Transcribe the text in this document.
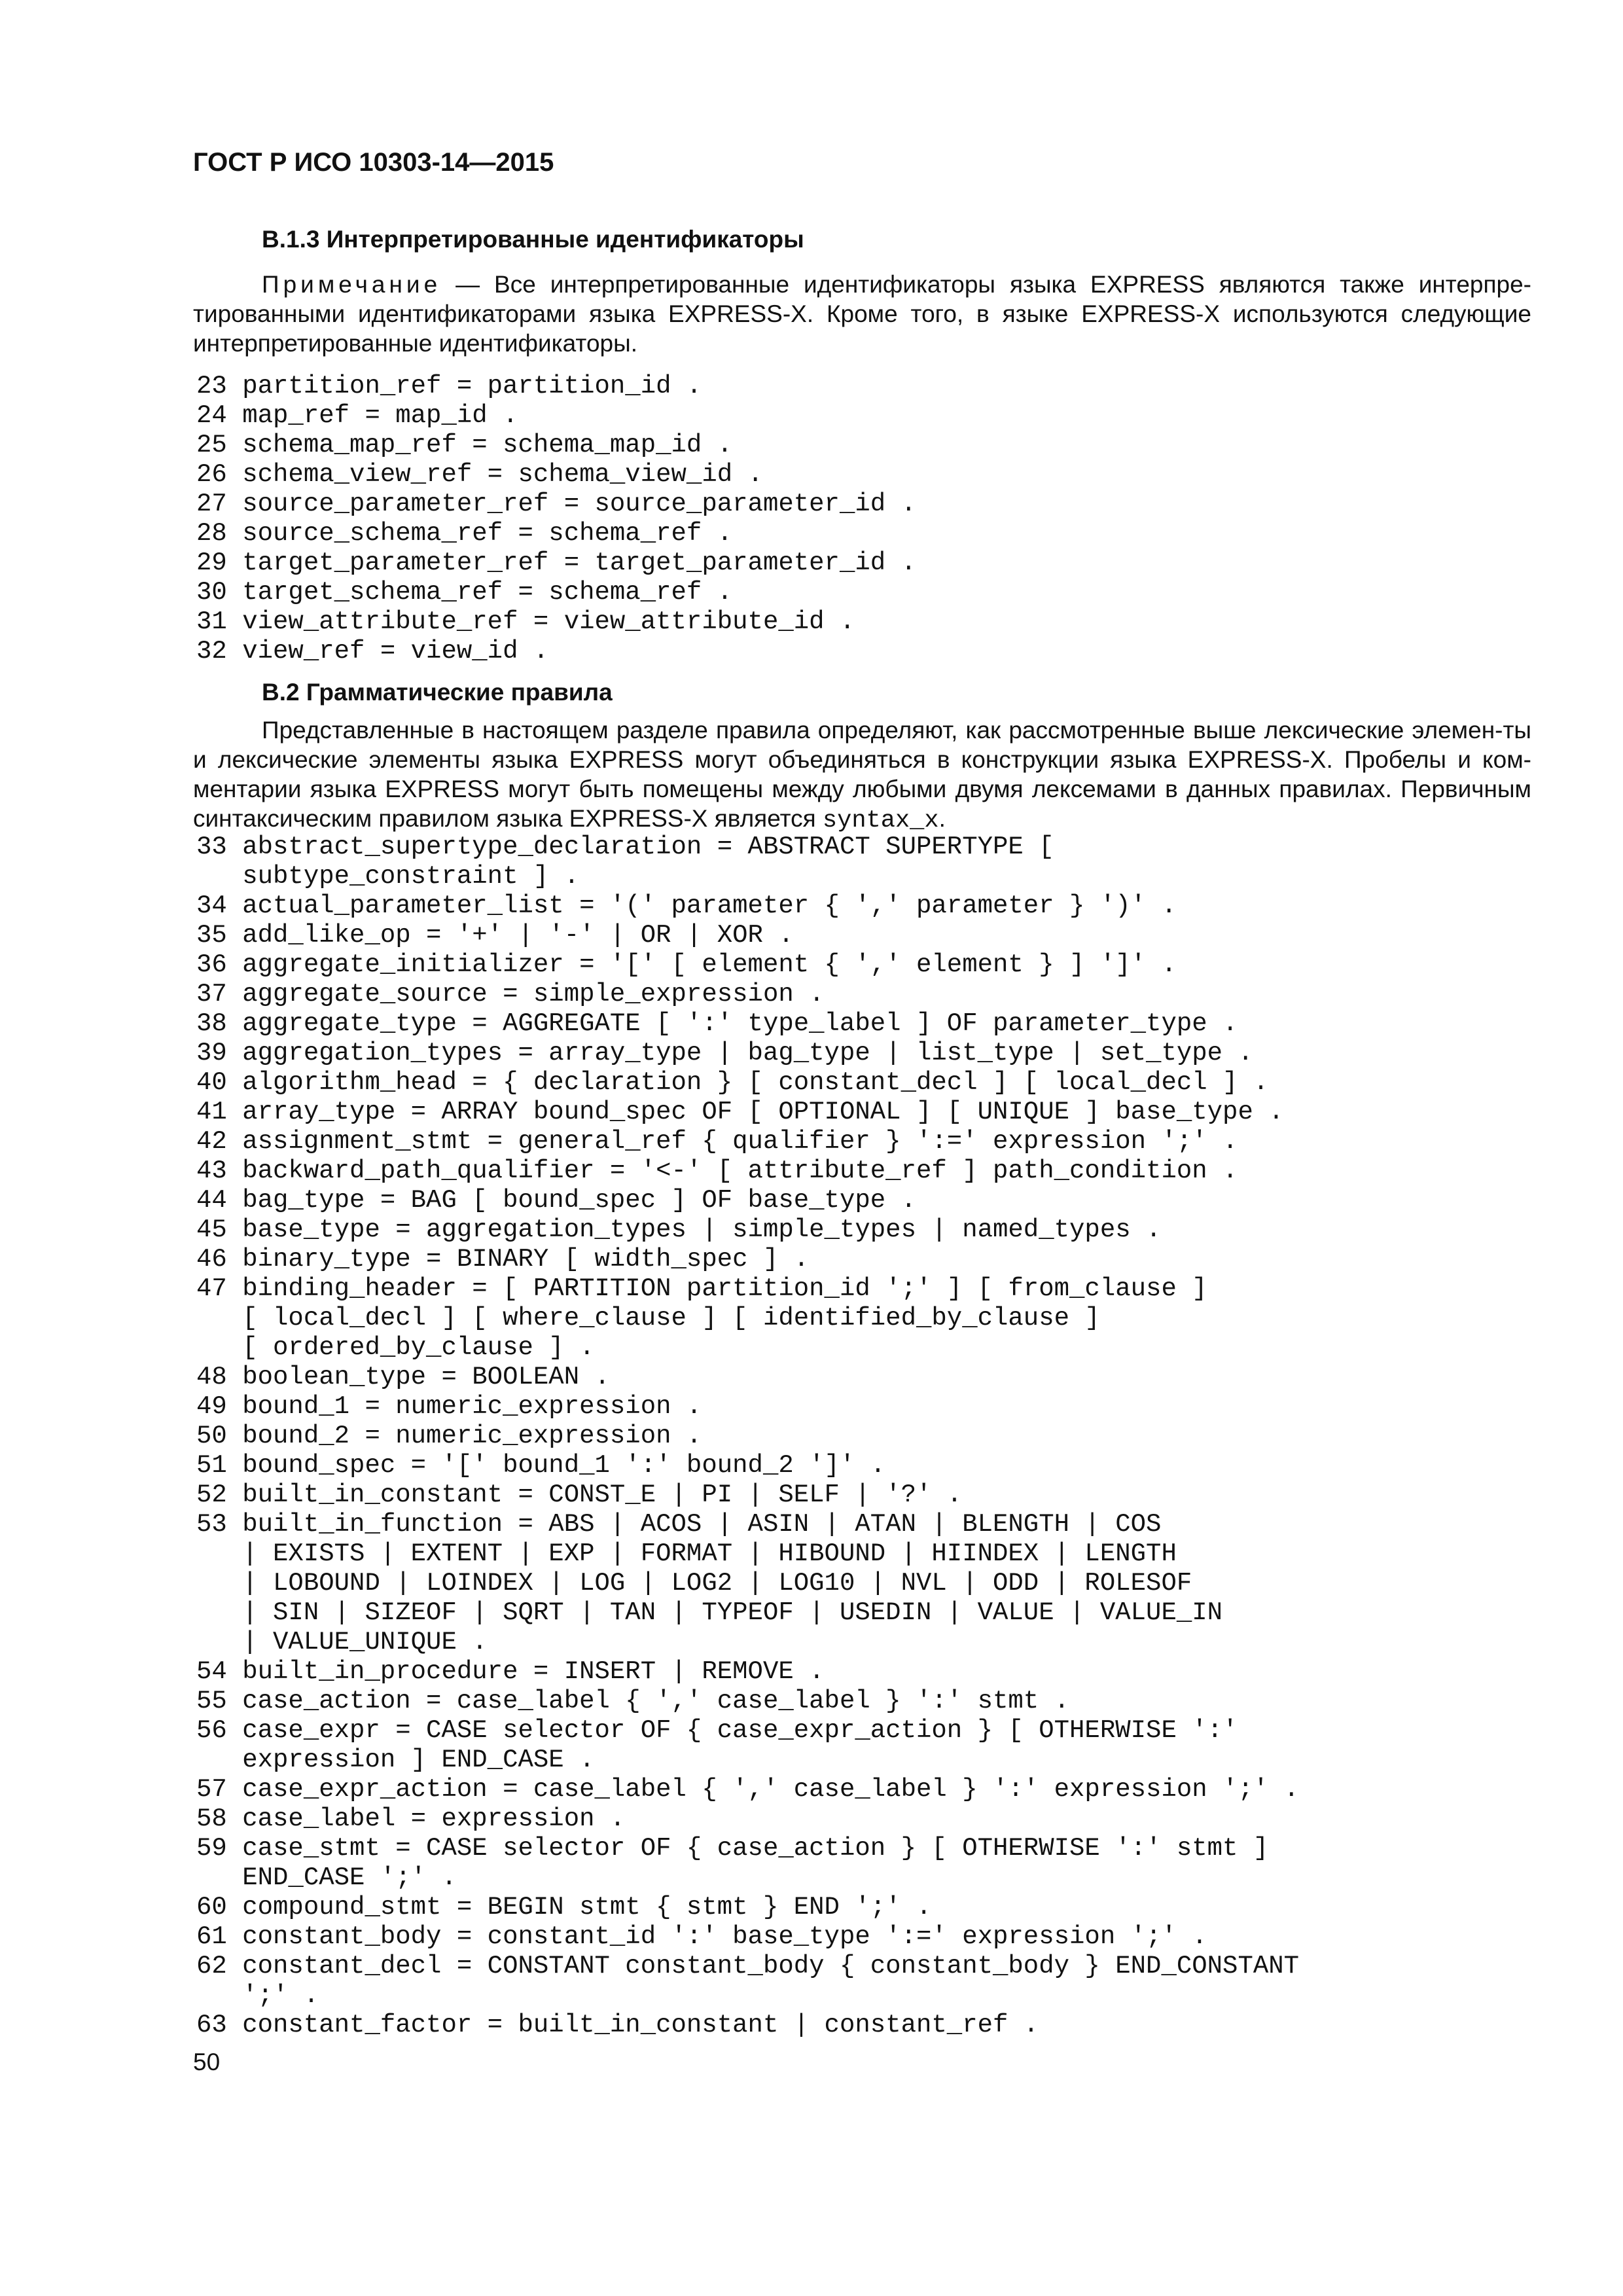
ГОСТ Р ИСО 10303-14—2015
В.1.3 Интерпретированные идентификаторы
Примечание — Все интерпретированные идентификаторы языка EXPRESS являются также интерпре-тированными идентификаторами языка EXPRESS-X. Кроме того, в языке EXPRESS-X используются следующие интерпретированные идентификаторы.
23 partition_ref = partition_id .
24 map_ref = map_id .
25 schema_map_ref = schema_map_id .
26 schema_view_ref = schema_view_id .
27 source_parameter_ref = source_parameter_id .
28 source_schema_ref = schema_ref .
29 target_parameter_ref = target_parameter_id .
30 target_schema_ref = schema_ref .
31 view_attribute_ref = view_attribute_id .
32 view_ref = view_id .
В.2 Грамматические правила
Представленные в настоящем разделе правила определяют, как рассмотренные выше лексические элемен-ты и лексические элементы языка EXPRESS могут объединяться в конструкции языка EXPRESS-X. Пробелы и ком-ментарии языка EXPRESS могут быть помещены между любыми двумя лексемами в данных правилах. Первичным синтаксическим правилом языка EXPRESS-X является syntax_x.
33 abstract_supertype_declaration = ABSTRACT SUPERTYPE [
subtype_constraint ] .
34 actual_parameter_list = '(' parameter { ',' parameter } ')' .
35 add_like_op = '+' | '-' | OR | XOR .
36 aggregate_initializer = '[' [ element { ',' element } ] ']' .
37 aggregate_source = simple_expression .
38 aggregate_type = AGGREGATE [ ':' type_label ] OF parameter_type .
39 aggregation_types = array_type | bag_type | list_type | set_type .
40 algorithm_head = { declaration } [ constant_decl ] [ local_decl ] .
41 array_type = ARRAY bound_spec OF [ OPTIONAL ] [ UNIQUE ] base_type .
42 assignment_stmt = general_ref { qualifier } ':=' expression ';' .
43 backward_path_qualifier = '<-' [ attribute_ref ] path_condition .
44 bag_type = BAG [ bound_spec ] OF base_type .
45 base_type = aggregation_types | simple_types | named_types .
46 binary_type = BINARY [ width_spec ] .
47 binding_header = [ PARTITION partition_id ';' ] [ from_clause ]
[ local_decl ] [ where_clause ] [ identified_by_clause ]
[ ordered_by_clause ] .
48 boolean_type = BOOLEAN .
49 bound_1 = numeric_expression .
50 bound_2 = numeric_expression .
51 bound_spec = '[' bound_1 ':' bound_2 ']' .
52 built_in_constant = CONST_E | PI | SELF | '?' .
53 built_in_function = ABS | ACOS | ASIN | ATAN | BLENGTH | COS
| EXISTS | EXTENT | EXP | FORMAT | HIBOUND | HIINDEX | LENGTH
| LOBOUND | LOINDEX | LOG | LOG2 | LOG10 | NVL | ODD | ROLESOF
| SIN | SIZEOF | SQRT | TAN | TYPEOF | USEDIN | VALUE | VALUE_IN
| VALUE_UNIQUE .
54 built_in_procedure = INSERT | REMOVE .
55 case_action = case_label { ',' case_label } ':' stmt .
56 case_expr = CASE selector OF { case_expr_action } [ OTHERWISE ':'
expression ] END_CASE .
57 case_expr_action = case_label { ',' case_label } ':' expression ';' .
58 case_label = expression .
59 case_stmt = CASE selector OF { case_action } [ OTHERWISE ':' stmt ]
END_CASE ';' .
60 compound_stmt = BEGIN stmt { stmt } END ';' .
61 constant_body = constant_id ':' base_type ':=' expression ';' .
62 constant_decl = CONSTANT constant_body { constant_body } END_CONSTANT
';' .
63 constant_factor = built_in_constant | constant_ref .
50
